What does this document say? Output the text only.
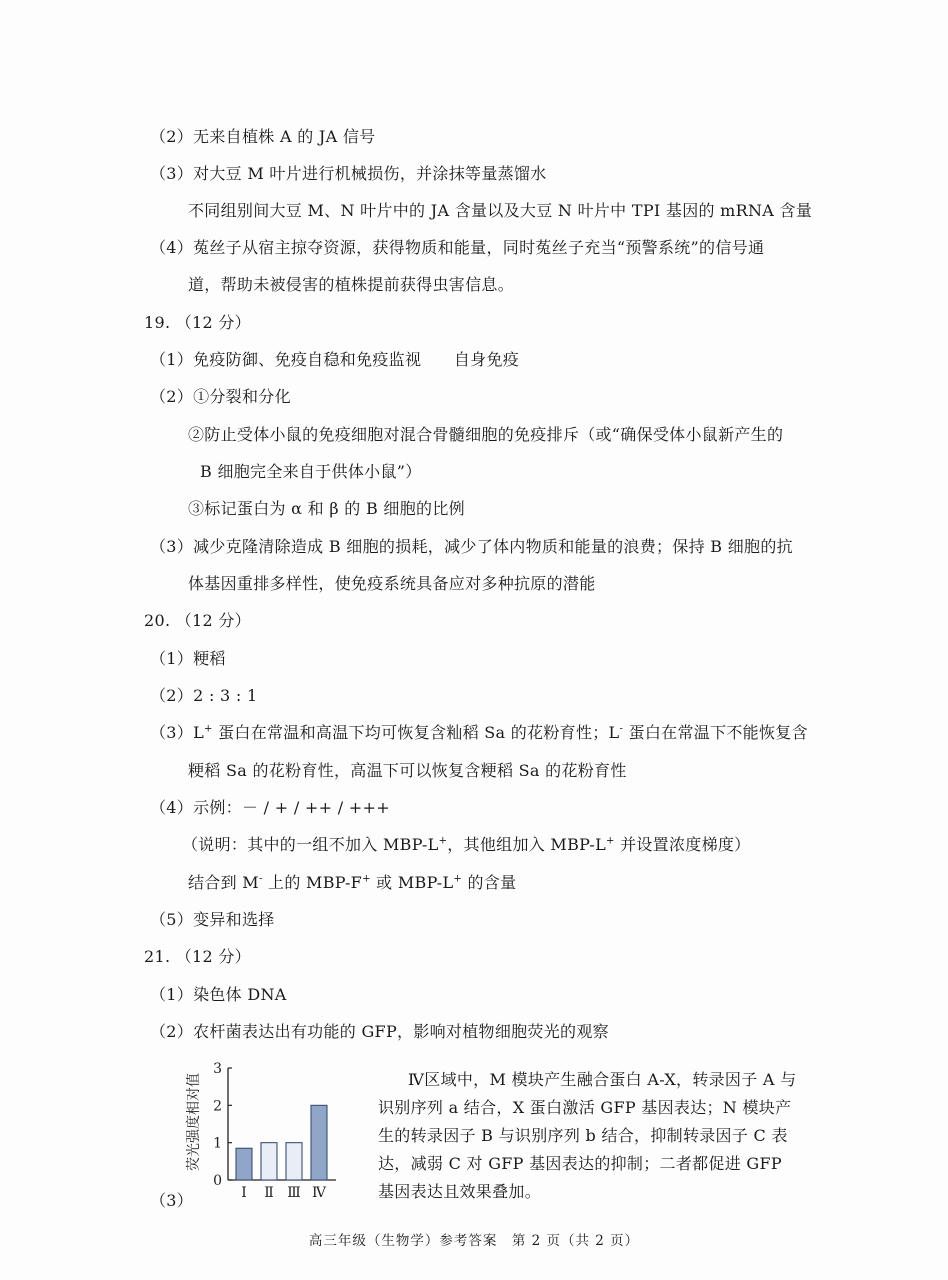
（2）无来自植株 A 的 JA 信号
（3）对大豆 M 叶片进行机械损伤，并涂抹等量蒸馏水
不同组别间大豆 M、N 叶片中的 JA 含量以及大豆 N 叶片中 TPI 基因的 mRNA 含量
（4）菟丝子从宿主掠夺资源，获得物质和能量，同时菟丝子充当“预警系统”的信号通
道，帮助未被侵害的植株提前获得虫害信息。
19. （12 分）
（1）免疫防御、免疫自稳和免疫监视　　自身免疫
（2）①分裂和分化
②防止受体小鼠的免疫细胞对混合骨髓细胞的免疫排斥（或“确保受体小鼠新产生的
B 细胞完全来自于供体小鼠”）
③标记蛋白为 α 和 β 的 B 细胞的比例
（3）减少克隆清除造成 B 细胞的损耗，减少了体内物质和能量的浪费；保持 B 细胞的抗
体基因重排多样性，使免疫系统具备应对多种抗原的潜能
20. （12 分）
（1）粳稻
（2）2 : 3 : 1
（3）L+ 蛋白在常温和高温下均可恢复含籼稻 Sa 的花粉育性；L- 蛋白在常温下不能恢复含
粳稻 Sa 的花粉育性，高温下可以恢复含粳稻 Sa 的花粉育性
（4）示例：－ / + / ++ / +++
（说明：其中的一组不加入 MBP-L+，其他组加入 MBP-L+ 并设置浓度梯度）
结合到 M- 上的 MBP-F+ 或 MBP-L+ 的含量
（5）变异和选择
21. （12 分）
（1）染色体 DNA
（2）农杆菌表达出有功能的 GFP，影响对植物细胞荧光的观察
（3）
荧光强度相对值
0
1
2
3
Ⅰ Ⅱ Ⅲ Ⅳ
Ⅳ区域中，M 模块产生融合蛋白 A-X，转录因子 A 与识别序列 a 结合，X 蛋白激活 GFP 基因表达；N 模块产生的转录因子 B 与识别序列 b 结合，抑制转录因子 C 表达，减弱 C 对 GFP 基因表达的抑制；二者都促进 GFP 基因表达且效果叠加。
高三年级（生物学）参考答案　第 2 页（共 2 页）
